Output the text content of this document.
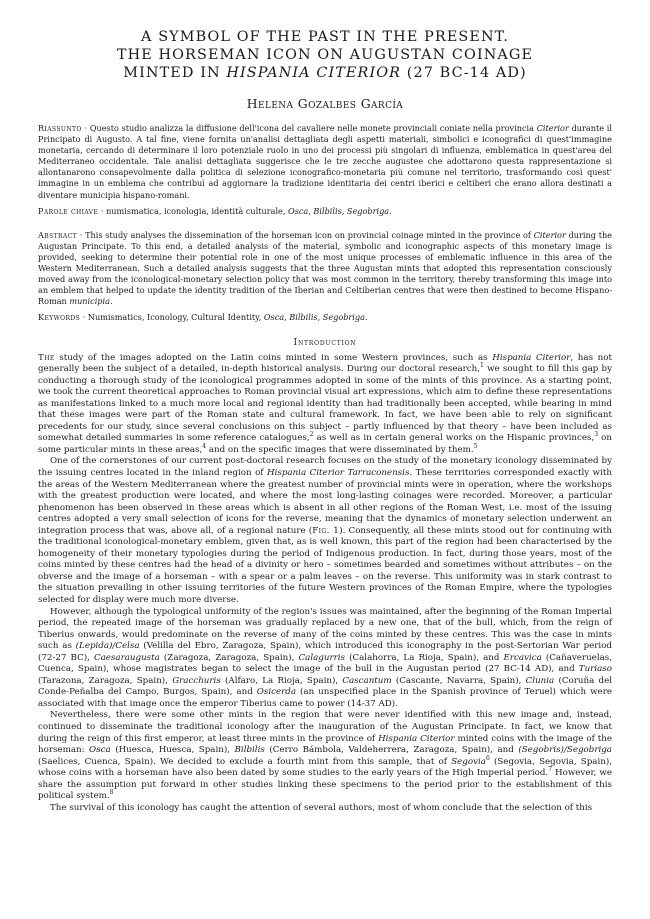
A SYMBOL OF THE PAST IN THE PRESENT.
THE HORSEMAN ICON ON AUGUSTAN COINAGE
MINTED IN HISPANIA CITERIOR (27 BC-14 AD)
Helena Gozalbes García

Riassunto · Questo studio analizza la diffusione dell'icona del cavaliere nelle monete provinciali coniate nella provincia Citerior durante il Principato di Augusto. A tal fine, viene fornita un'analisi dettagliata degli aspetti materiali, simbolici e iconografici di quest'immagine monetaria, cercando di determinare il loro potenziale ruolo in uno dei processi più singolari di influenza, emblematica in quest'area del Mediterraneo occidentale. Tale analisi dettagliata suggerisce che le tre zecche augustee che adottarono questa rappresentazione si allontanarono consapevolmente dalla politica di selezione iconografico-monetaria più comune nel territorio, trasformando così quest' immagine in un emblema che contribuì ad aggiornare la tradizione identitaria dei centri iberici e celtiberi che erano allora destinati a diventare municipia hispano-romani.

Parole chiave · numismatica, iconologia, identità culturale, Osca, Bilbilis, Segobriga.

Abstract · This study analyses the dissemination of the horseman icon on provincial coinage minted in the province of Citerior during the Augustan Principate. To this end, a detailed analysis of the material, symbolic and iconographic aspects of this monetary image is provided, seeking to determine their potential role in one of the most unique processes of emblematic influence in this area of the Western Mediterranean. Such a detailed analysis suggests that the three Augustan mints that adopted this representation consciously moved away from the iconological-monetary selection policy that was most common in the territory, thereby transforming this image into an emblem that helped to update the identity tradition of the Iberian and Celtiberian centres that were then destined to become Hispano-Roman municipia.

Keywords · Numismatics, Iconology, Cultural Identity, Osca, Bilbilis, Segobriga.

Introduction

The study of the images adopted on the Latin coins minted in some Western provinces, such as Hispania Citerior, has not generally been the subject of a detailed, in-depth historical analysis. During our doctoral research,$^1$ we sought to fill this gap by conducting a thorough study of the iconological programmes adopted in some of the mints of this province. As a starting point, we took the current theoretical approaches to Roman provincial visual art expressions, which aim to define these representations as manifestations linked to a much more local and regional identity than had traditionally been accepted, while bearing in mind that these images were part of the Roman state and cultural framework. In fact, we have been able to rely on significant precedents for our study, since several conclusions on this subject – partly influenced by that theory – have been included as somewhat detailed summaries in some reference catalogues,$^2$ as well as in certain general works on the Hispanic provinces,$^3$ on some particular mints in these areas,$^4$ and on the specific images that were disseminated by them.$^5$

One of the cornerstones of our current post-doctoral research focuses on the study of the monetary iconology disseminated by the issuing centres located in the inland region of Hispania Citerior Tarraconensis. These territories corresponded exactly with the areas of the Western Mediterranean where the greatest number of provincial mints were in operation, where the workshops with the greatest production were located, and where the most long-lasting coinages were recorded. Moreover, a particular phenomenon has been observed in these areas which is absent in all other regions of the Roman West, i.e. most of the issuing centres adopted a very small selection of icons for the reverse, meaning that the dynamics of monetary selection underwent an integration process that was, above all, of a regional nature (Fig. 1). Consequently, all these mints stood out for continuing with the traditional iconological-monetary emblem, given that, as is well known, this part of the region had been characterised by the homogeneity of their monetary typologies during the period of Indigenous production. In fact, during those years, most of the coins minted by these centres had the head of a divinity or hero – sometimes bearded and sometimes without attributes – on the obverse and the image of a horseman – with a spear or a palm leaves – on the reverse. This uniformity was in stark contrast to the situation prevailing in other issuing territories of the future Western provinces of the Roman Empire, where the typologies selected for display were much more diverse.

However, although the typological uniformity of the region's issues was maintained, after the beginning of the Roman Imperial period, the repeated image of the horseman was gradually replaced by a new one, that of the bull, which, from the reign of Tiberius onwards, would predominate on the reverse of many of the coins minted by these centres. This was the case in mints such as (Lepida)/Celsa (Velilla del Ebro, Zaragoza, Spain), which introduced this iconography in the post-Sertorian War period (72-27 BC), Caesaraugusta (Zaragoza, Zaragoza, Spain), Calagurris (Calahorra, La Rioja, Spain), and Ercavica (Cañaveruelas, Cuenca, Spain), whose magistrates began to select the image of the bull in the Augustan period (27 BC-14 AD), and Turiaso (Tarazona, Zaragoza, Spain), Gracchuris (Alfaro, La Rioja, Spain), Cascantum (Cascante, Navarra, Spain), Clunia (Coruña del Conde-Peñalba del Campo, Burgos, Spain), and Osicerda (an unspecified place in the Spanish province of Teruel) which were associated with that image once the emperor Tiberius came to power (14-37 AD).

Nevertheless, there were some other mints in the region that were never identified with this new image and, instead, continued to disseminate the traditional iconology after the inauguration of the Augustan Principate. In fact, we know that during the reign of this first emperor, at least three mints in the province of Hispania Citerior minted coins with the image of the horseman: Osca (Huesca, Huesca, Spain), Bilbilis (Cerro Bámbola, Valdeherrera, Zaragoza, Spain), and (Segobris)/Segobriga (Saelices, Cuenca, Spain). We decided to exclude a fourth mint from this sample, that of Segovia$^6$ (Segovia, Segovia, Spain), whose coins with a horseman have also been dated by some studies to the early years of the High Imperial period.$^7$ However, we share the assumption put forward in other studies linking these specimens to the period prior to the establishment of this political system.$^8$

The survival of this iconology has caught the attention of several authors, most of whom conclude that the selection of this
